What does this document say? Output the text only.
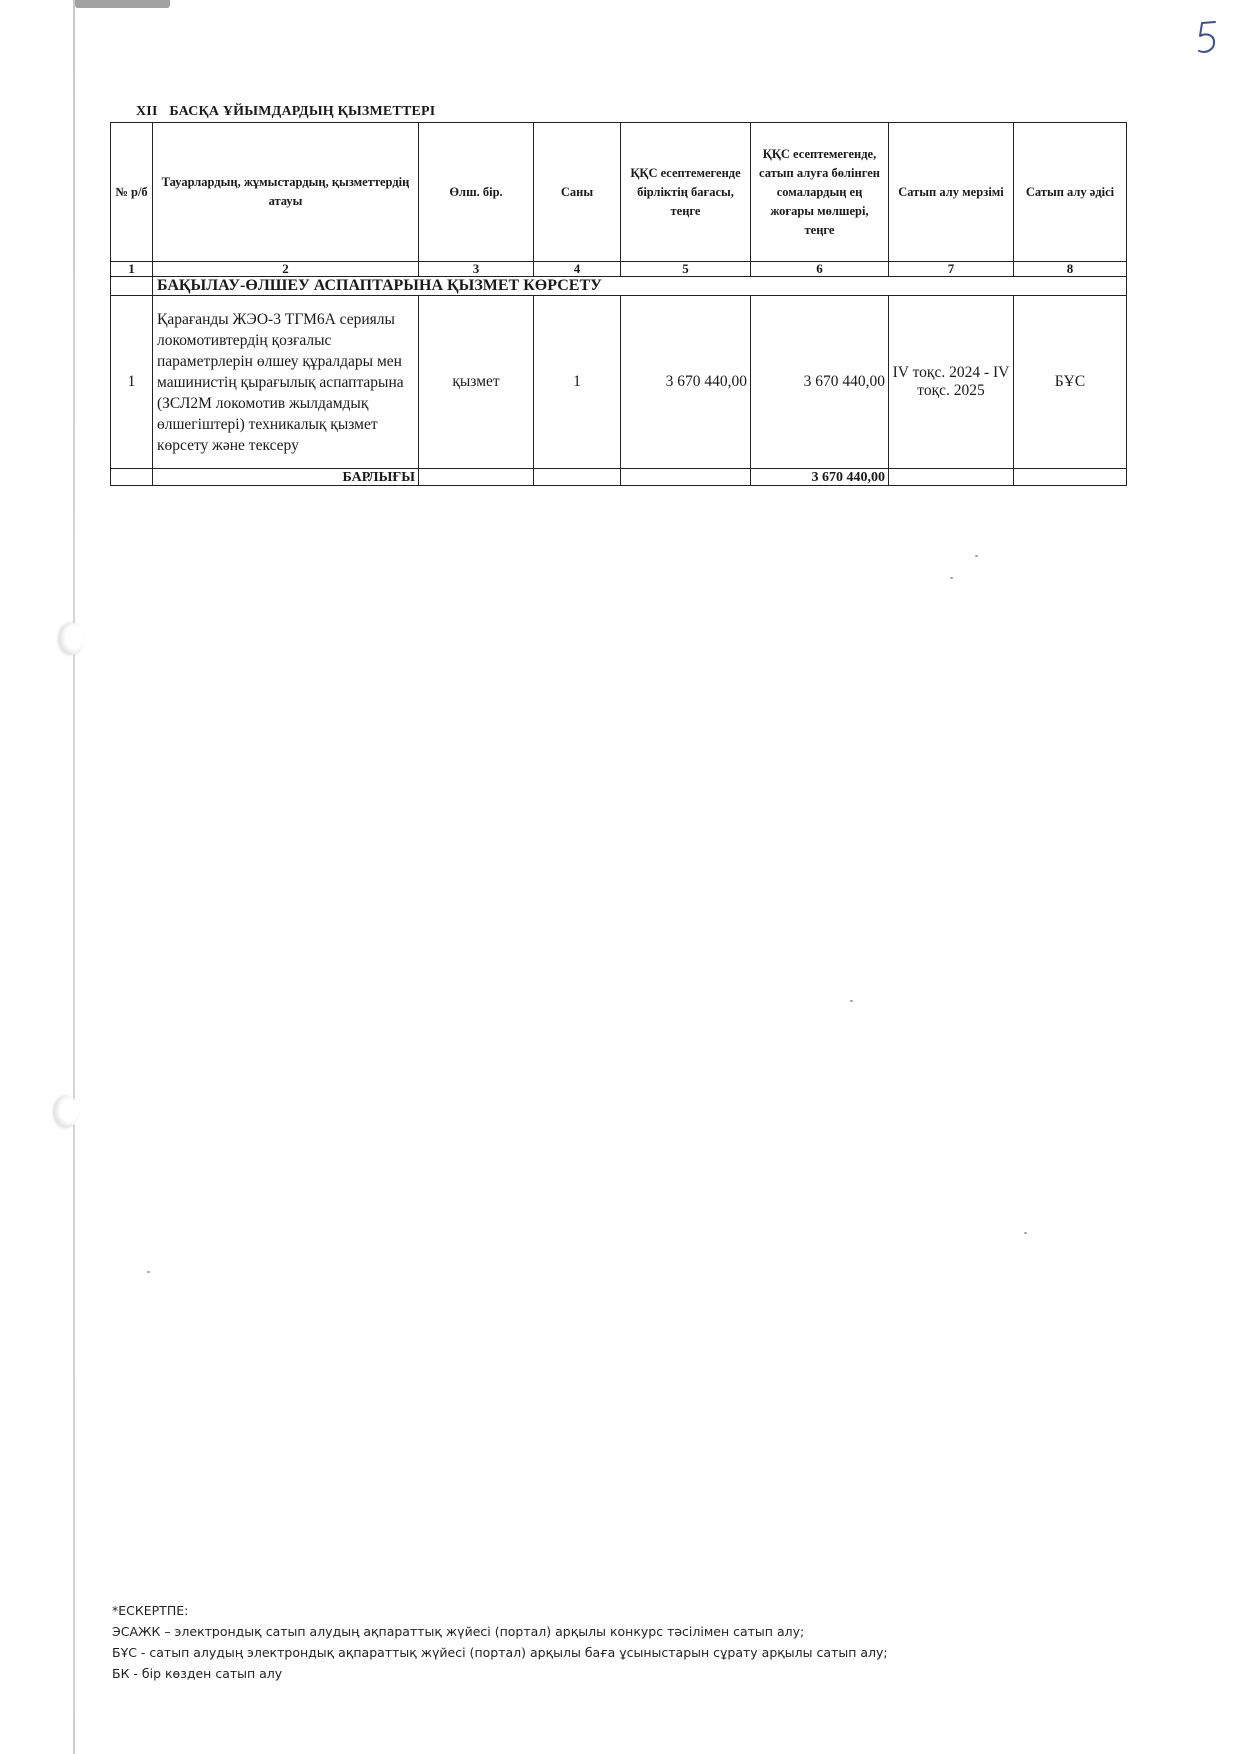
XII БАСҚА ҰЙЫМДАРДЫҢ ҚЫЗМЕТТЕРІ
№ р/б	Тауарлардың, жұмыстардың, қызметтердің атауы	Өлш. бір.	Саны	ҚҚС есептемегенде бірліктің бағасы, теңге	ҚҚС есептемегенде, сатып алуға бөлінген сомалардың ең жоғары мөлшері, теңге	Сатып алу мерзімі	Сатып алу әдісі
1	2	3	4	5	6	7	8
	БАҚЫЛАУ-ӨЛШЕУ АСПАПТАРЫНА ҚЫЗМЕТ КӨРСЕТУ						
1	Қарағанды ЖЭО-3 ТГМ6А сериялы локомотивтердің қозғалыс параметрлерін өлшеу құралдары мен машинистің қырағылық аспаптарына (ЗСЛ2М локомотив жылдамдық өлшегіштері) техникалық қызмет көрсету және тексеру	қызмет	1	3 670 440,00	3 670 440,00	IV тоқс. 2024 - IV тоқс. 2025	БҰС
	БАРЛЫҒЫ				3 670 440,00		
*ЕСКЕРТПЕ:
ЭСАЖК – электрондық сатып алудың ақпараттық жүйесі (портал) арқылы конкурс тәсілімен сатып алу;
БҰС - сатып алудың электрондық ақпараттық жүйесі (портал) арқылы баға ұсыныстарын сұрату арқылы сатып алу;
БК - бір көзден сатып алу
